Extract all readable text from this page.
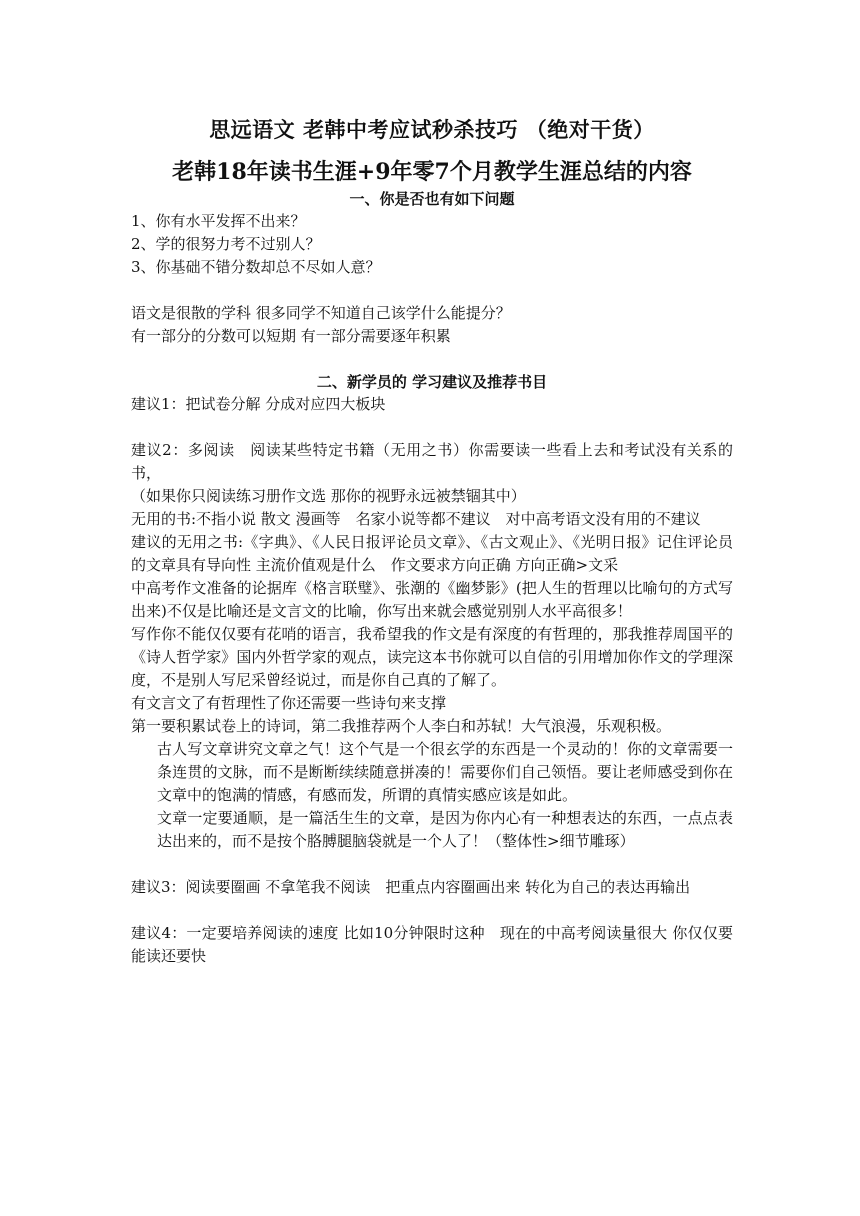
思远语文 老韩中考应试秒杀技巧 （绝对干货）
老韩18年读书生涯+9年零7个月教学生涯总结的内容
一、你是否也有如下问题
1、你有水平发挥不出来？
2、学的很努力考不过别人？
3、你基础不错分数却总不尽如人意？
语文是很散的学科 很多同学不知道自己该学什么能提分？
有一部分的分数可以短期 有一部分需要逐年积累
二、新学员的 学习建议及推荐书目
建议1：把试卷分解 分成对应四大板块
建议2：多阅读　阅读某些特定书籍（无用之书）你需要读一些看上去和考试没有关系的书，
（如果你只阅读练习册作文选 那你的视野永远被禁锢其中）
无用的书:不指小说 散文 漫画等　名家小说等都不建议　对中高考语文没有用的不建议
建议的无用之书:《字典》、《人民日报评论员文章》、《古文观止》、《光明日报》记住评论员的文章具有导向性 主流价值观是什么　作文要求方向正确 方向正确>文采
中高考作文准备的论据库《格言联璧》、张潮的《幽梦影》(把人生的哲理以比喻句的方式写出来)不仅是比喻还是文言文的比喻，你写出来就会感觉别别人水平高很多！
写作你不能仅仅要有花哨的语言，我希望我的作文是有深度的有哲理的，那我推荐周国平的《诗人哲学家》国内外哲学家的观点，读完这本书你就可以自信的引用增加你作文的学理深度，不是别人写尼采曾经说过，而是你自己真的了解了。
有文言文了有哲理性了你还需要一些诗句来支撑
第一要积累试卷上的诗词，第二我推荐两个人李白和苏轼！大气浪漫，乐观积极。
古人写文章讲究文章之气！这个气是一个很玄学的东西是一个灵动的！你的文章需要一条连贯的文脉，而不是断断续续随意拼凑的！需要你们自己领悟。要让老师感受到你在文章中的饱满的情感，有感而发，所谓的真情实感应该是如此。
文章一定要通顺，是一篇活生生的文章，是因为你内心有一种想表达的东西，一点点表达出来的，而不是按个胳膊腿脑袋就是一个人了！（整体性>细节雕琢）
建议3：阅读要圈画 不拿笔我不阅读　把重点内容圈画出来 转化为自己的表达再输出
建议4：一定要培养阅读的速度 比如10分钟限时这种　现在的中高考阅读量很大 你仅仅要能读还要快
